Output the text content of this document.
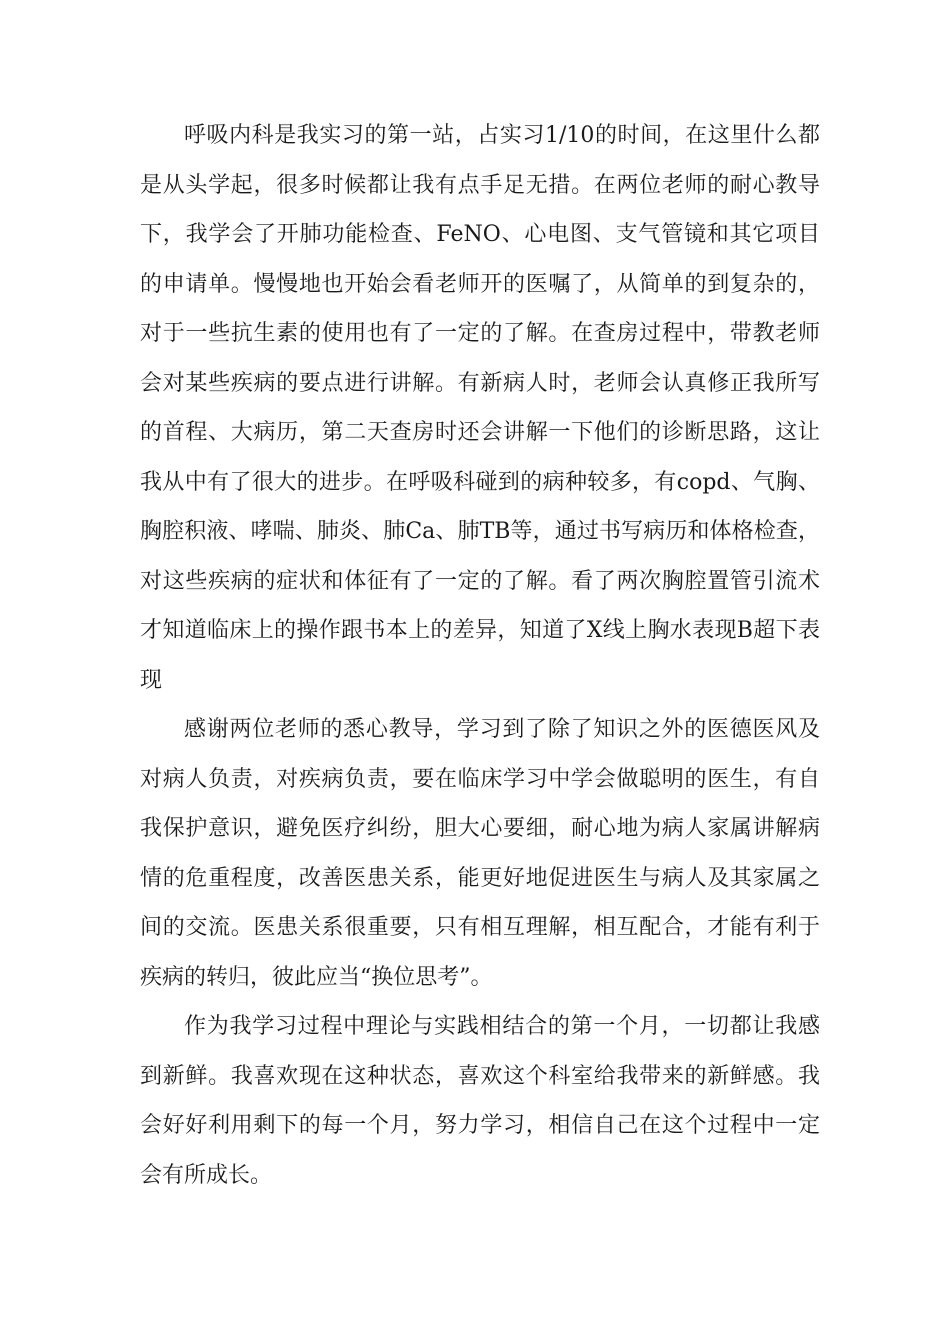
呼吸内科是我实习的第一站，占实习1/10的时间，在这里什么都是从头学起，很多时候都让我有点手足无措。在两位老师的耐心教导下，我学会了开肺功能检查、FeNO、心电图、支气管镜和其它项目的申请单。慢慢地也开始会看老师开的医嘱了，从简单的到复杂的，对于一些抗生素的使用也有了一定的了解。在查房过程中，带教老师会对某些疾病的要点进行讲解。有新病人时，老师会认真修正我所写的首程、大病历，第二天查房时还会讲解一下他们的诊断思路，这让我从中有了很大的进步。在呼吸科碰到的病种较多，有copd、气胸、胸腔积液、哮喘、肺炎、肺Ca、肺TB等，通过书写病历和体格检查，对这些疾病的症状和体征有了一定的了解。看了两次胸腔置管引流术才知道临床上的操作跟书本上的差异，知道了X线上胸水表现B超下表现

感谢两位老师的悉心教导，学习到了除了知识之外的医德医风及对病人负责，对疾病负责，要在临床学习中学会做聪明的医生，有自我保护意识，避免医疗纠纷，胆大心要细，耐心地为病人家属讲解病情的危重程度，改善医患关系，能更好地促进医生与病人及其家属之间的交流。医患关系很重要，只有相互理解，相互配合，才能有利于疾病的转归，彼此应当“换位思考”。

作为我学习过程中理论与实践相结合的第一个月，一切都让我感到新鲜。我喜欢现在这种状态，喜欢这个科室给我带来的新鲜感。我会好好利用剩下的每一个月，努力学习，相信自己在这个过程中一定会有所成长。
